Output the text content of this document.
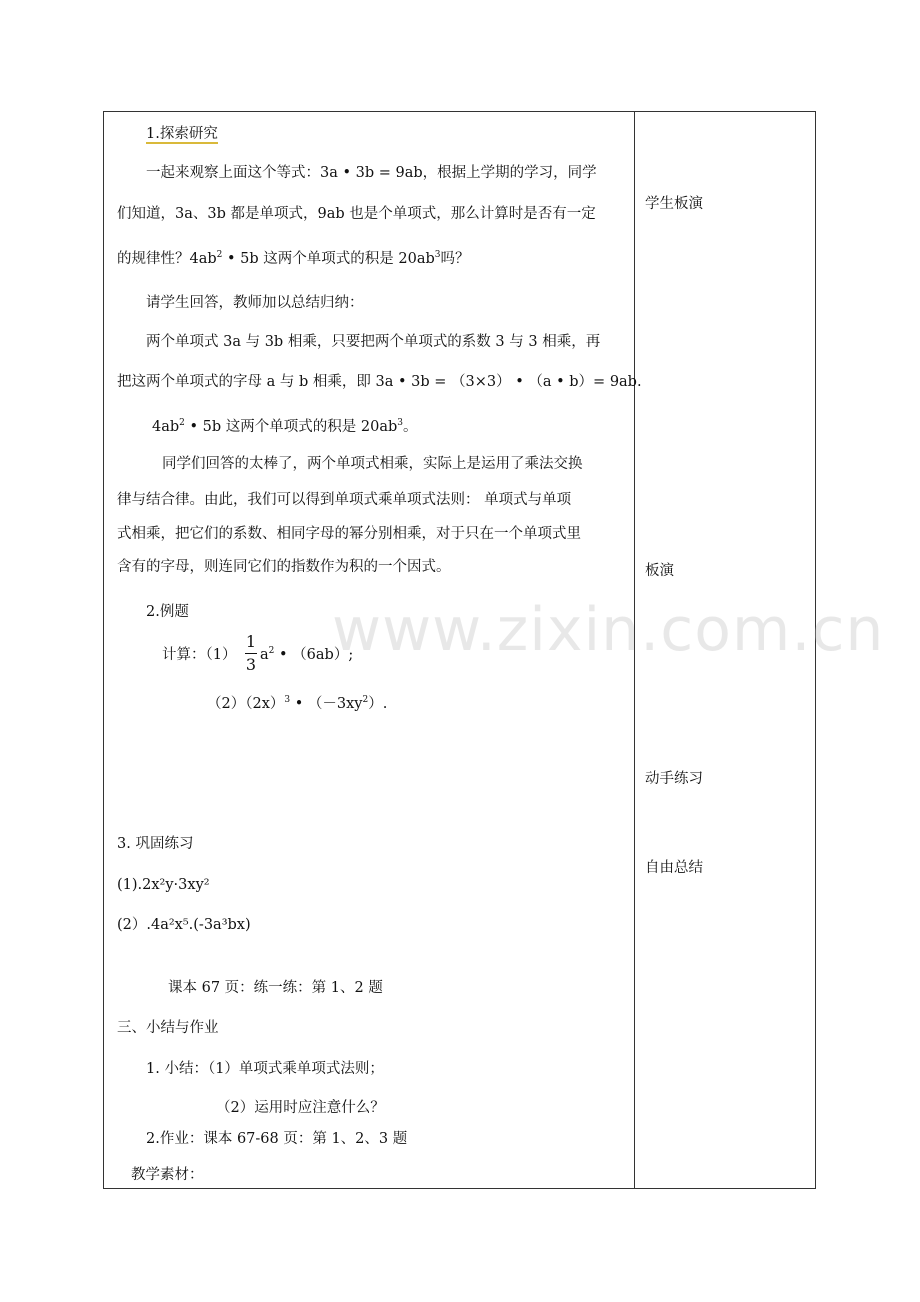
1.探索研究
一起来观察上面这个等式：3a • 3b = 9ab，根据上学期的学习，同学
们知道，3a、3b 都是单项式，9ab 也是个单项式，那么计算时是否有一定
的规律性？$4ab^2$ • 5b 这两个单项式的积是 $20ab^3$吗？
请学生回答，教师加以总结归纳：
两个单项式 3a 与 3b 相乘，只要把两个单项式的系数 3 与 3 相乘，再
把这两个单项式的字母 a 与 b 相乘，即 3a • 3b = （3×3） • （a • b）= 9ab.
$4ab^2$ • 5b 这两个单项式的积是 $20ab^3$。
同学们回答的太棒了，两个单项式相乘，实际上是运用了乘法交换
律与结合律。由此，我们可以得到单项式乘单项式法则： 单项式与单项
式相乘，把它们的系数、相同字母的幂分别相乘，对于只在一个单项式里
含有的字母，则连同它们的指数作为积的一个因式。
2.例题
计算：（1）
1
3 $a^2$ • （6ab）;
$(2)(2x)^3$ • $(-3xy^2)$.
3. 巩固练习
(1).2x²y·3xy²
(2）.4a²x⁵.(-3a³bx)
课本 67 页：练一练：第 1、2 题
三、小结与作业
1. 小结：（1）单项式乘单项式法则；
（2）运用时应注意什么？
2.作业：课本 67-68 页：第 1、2、3 题
教学素材：
学生板演
板演
动手练习
自由总结
www.zixin.com.cn
